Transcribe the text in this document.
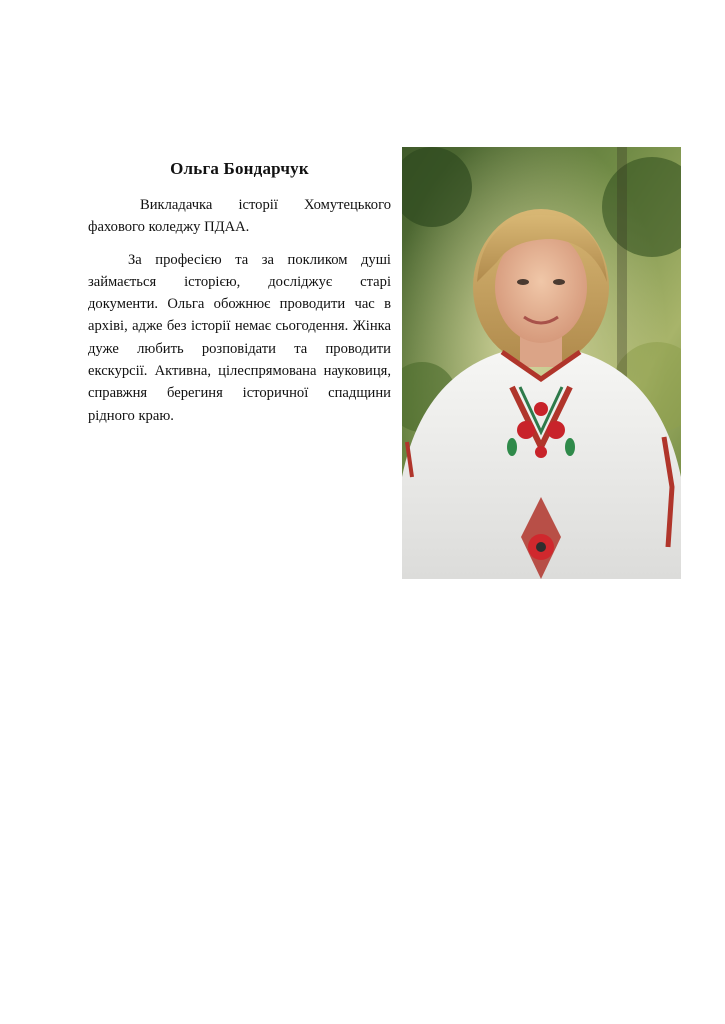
Ольга Бондарчук

Викладачка історії Хомутецького фахового коледжу ПДАА.

За професією та за покликом душі займається історією, досліджує старі документи. Ольга обожнює проводити час в архіві, адже без історії немає сьогодення. Жінка дуже любить розповідати та проводити екскурсії. Активна, цілеспрямована науковиця, справжня берегиня історичної спадщини рідного краю.
